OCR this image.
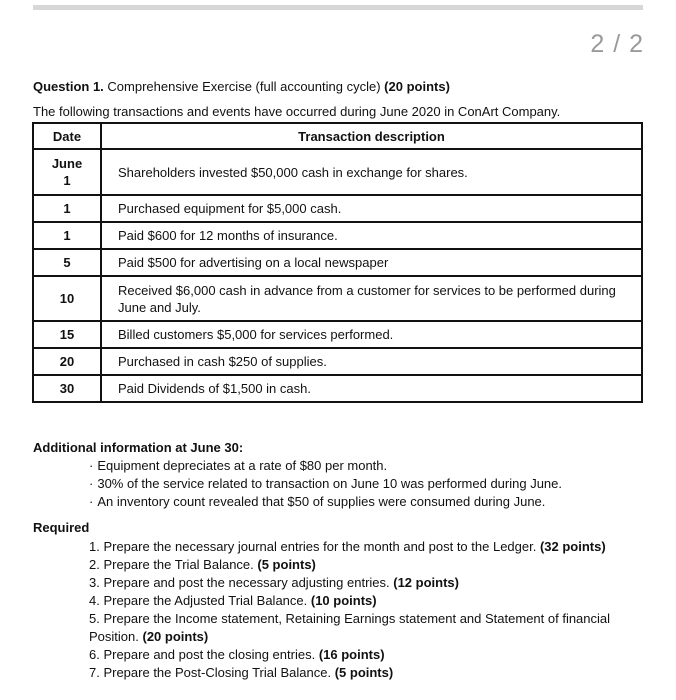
2 / 2
Question 1. Comprehensive Exercise (full accounting cycle) (20 points)
The following transactions and events have occurred during June 2020 in ConArt Company.
Date	Transaction description

June
1	Shareholders invested $50,000 cash in exchange for shares.
1	Purchased equipment for $5,000 cash.
1	Paid $600 for 12 months of insurance.
5	Paid $500 for advertising on a local newspaper
10	Received $6,000 cash in advance from a customer for services to be performed during June and July.
15	Billed customers $5,000 for services performed.
20	Purchased in cash $250 of supplies.
30	Paid Dividends of $1,500 in cash.
Additional information at June 30:
· Equipment depreciates at a rate of $80 per month.
· 30% of the service related to transaction on June 10 was performed during June.
· An inventory count revealed that $50 of supplies were consumed during June.
Required
1. Prepare the necessary journal entries for the month and post to the Ledger. (32 points)
2. Prepare the Trial Balance. (5 points)
3. Prepare and post the necessary adjusting entries. (12 points)
4. Prepare the Adjusted Trial Balance. (10 points)
5. Prepare the Income statement, Retaining Earnings statement and Statement of financial Position. (20 points)
6. Prepare and post the closing entries. (16 points)
7. Prepare the Post-Closing Trial Balance. (5 points)
